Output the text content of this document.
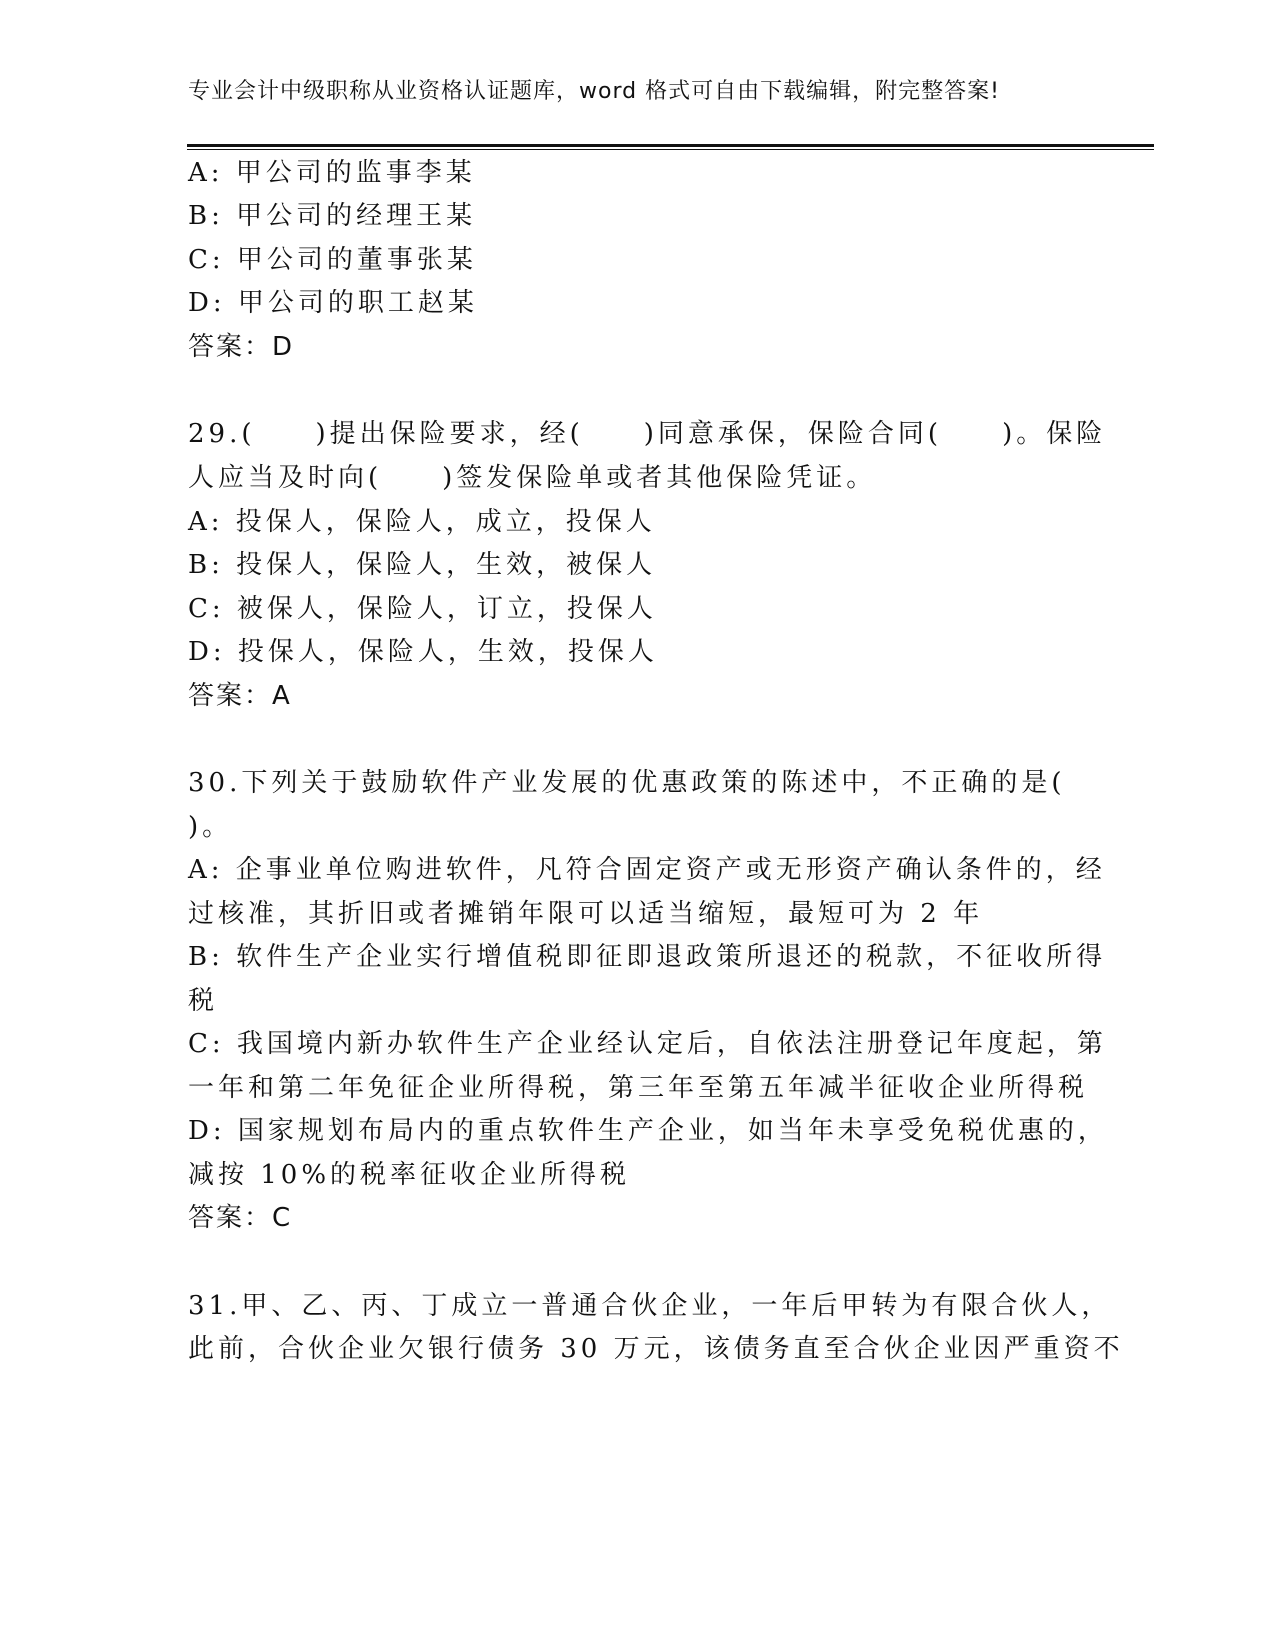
专业会计中级职称从业资格认证题库，word 格式可自由下载编辑，附完整答案!
A: 甲公司的监事李某
B: 甲公司的经理王某
C: 甲公司的董事张某
D: 甲公司的职工赵某
答案：D
29.(　　)提出保险要求，经(　　)同意承保，保险合同(　　)。保险
人应当及时向(　　)签发保险单或者其他保险凭证。
A: 投保人，保险人，成立，投保人
B: 投保人，保险人，生效，被保人
C: 被保人，保险人，订立，投保人
D: 投保人，保险人，生效，投保人
答案：A
30.下列关于鼓励软件产业发展的优惠政策的陈述中，不正确的是(
)。
A: 企事业单位购进软件，凡符合固定资产或无形资产确认条件的，经
过核准，其折旧或者摊销年限可以适当缩短，最短可为 2 年
B: 软件生产企业实行增值税即征即退政策所退还的税款，不征收所得
税
C: 我国境内新办软件生产企业经认定后，自依法注册登记年度起，第
一年和第二年免征企业所得税，第三年至第五年减半征收企业所得税
D: 国家规划布局内的重点软件生产企业，如当年未享受免税优惠的，
减按 10%的税率征收企业所得税
答案：C
31.甲、乙、丙、丁成立一普通合伙企业，一年后甲转为有限合伙人，
此前，合伙企业欠银行债务 30 万元，该债务直至合伙企业因严重资不
